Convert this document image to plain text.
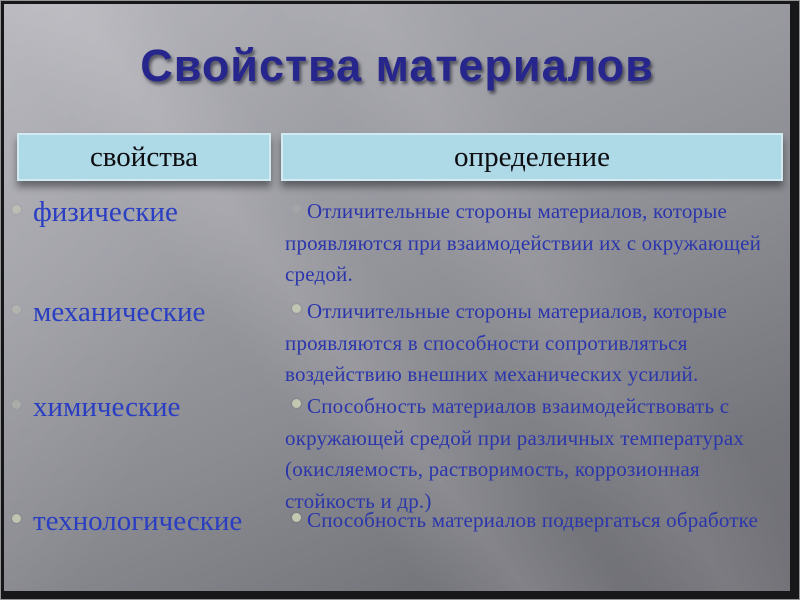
Свойства материалов
свойства	определение
физические	Отличительные стороны материалов, которые проявляются при взаимодействии их с окружающей средой.

механические	Отличительные стороны материалов, которые проявляются в способности сопротивляться воздействию внешних механических усилий.

химические	Способность материалов взаимодействовать с окружающей средой при различных температурах (окисляемость, растворимость, коррозионная стойкость и др.)

технологические	Способность материалов подвергаться обработке
